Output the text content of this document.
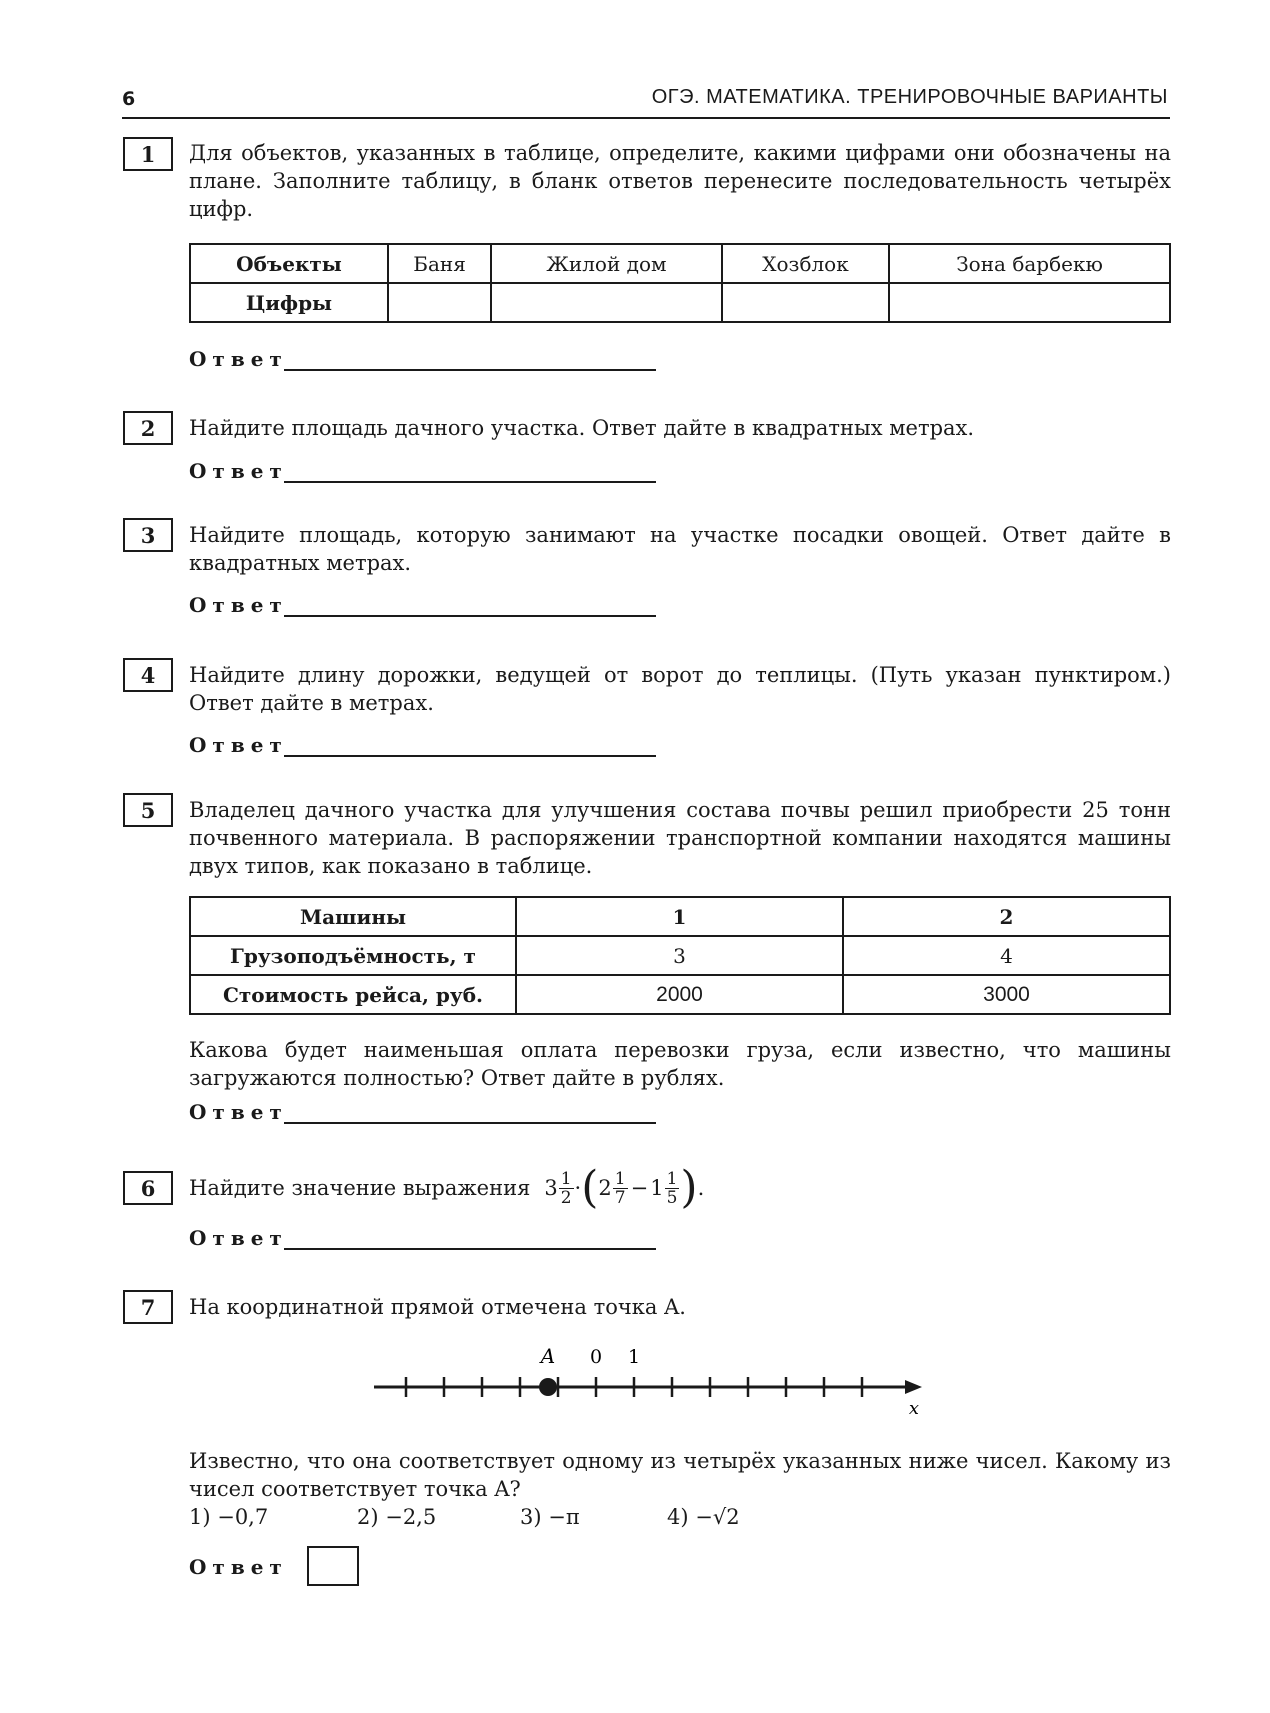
6	ОГЭ. МАТЕМАТИКА. ТРЕНИРОВОЧНЫЕ ВАРИАНТЫ
1	Для объектов, указанных в таблице, определите, какими цифрами они обозначены на плане. Заполните таблицу, в бланк ответов перенесите последовательность четырёх цифр.
Объекты	Баня	Жилой дом	Хозблок	Зона барбекю
Цифры				
Ответ
2	Найдите площадь дачного участка. Ответ дайте в квадратных метрах.
Ответ
3	Найдите площадь, которую занимают на участке посадки овощей. Ответ дайте в квадратных метрах.
Ответ
4	Найдите длину дорожки, ведущей от ворот до теплицы. (Путь указан пунктиром.) Ответ дайте в метрах.
Ответ
5	Владелец дачного участка для улучшения состава почвы решил приобрести 25 тонн почвенного материала. В распоряжении транспортной компании находятся машины двух типов, как показано в таблице.
Машины	1	2
Грузоподъёмность, т	3	4
Стоимость рейса, руб.	2000	3000
Какова будет наименьшая оплата перевозки груза, если известно, что машины загружаются полностью? Ответ дайте в рублях.
Ответ
6	Найдите значение выражения $3 \frac{1}{2}$ · ( $2 \frac{1}{7} - 1 \frac{1}{5}$ ) .
Ответ
7	На координатной прямой отмечена точка A.
A 0 1
x
Известно, что она соответствует одному из четырёх указанных ниже чисел. Какому из чисел соответствует точка A?
1) −0,7	2) −2,5	3) −π	4) −√2
Ответ
